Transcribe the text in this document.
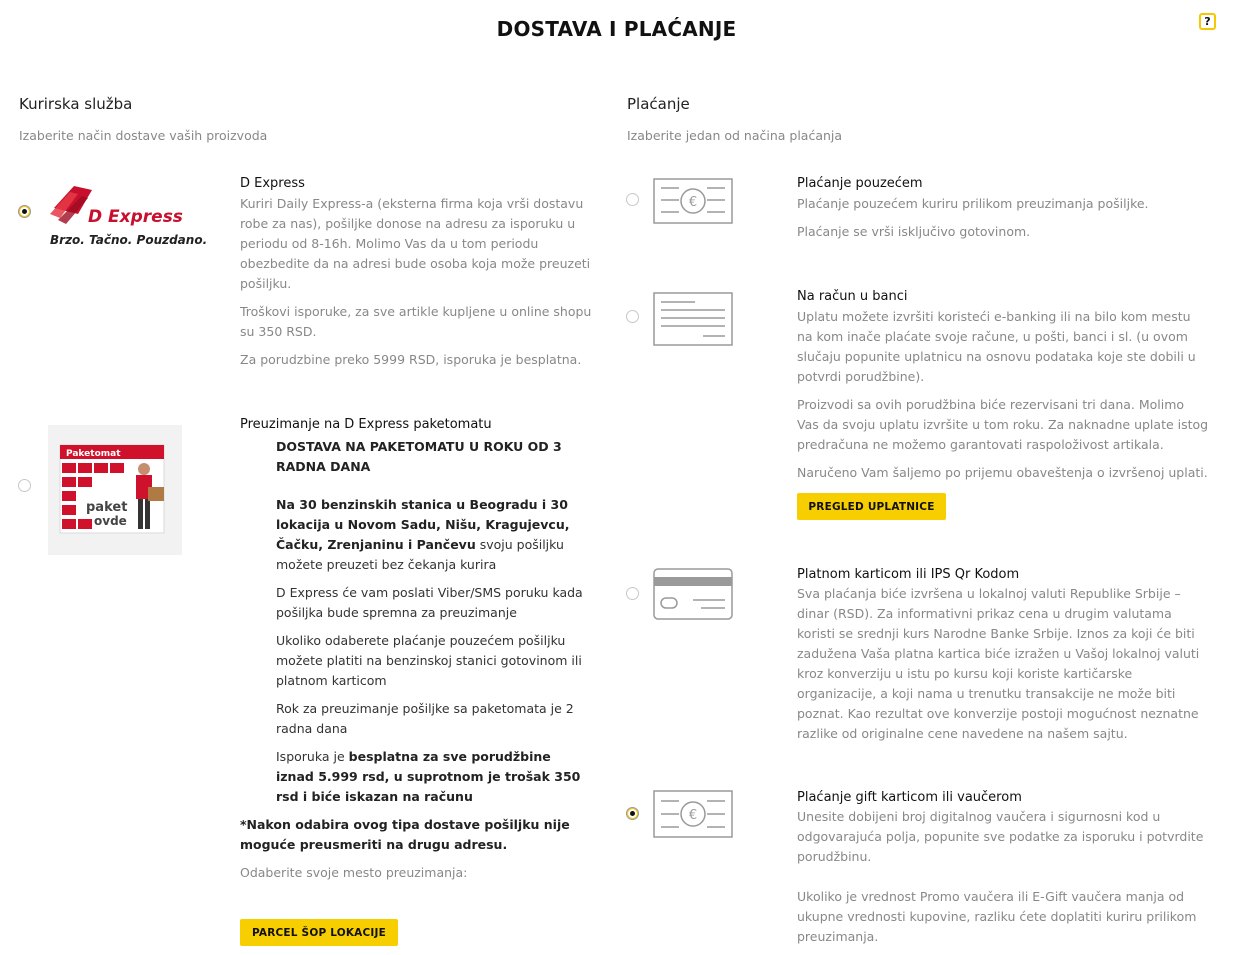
DOSTAVA I PLAĆANJE	?
Kurirska služba
Izaberite način dostave vaših proizvoda
D Express
Brzo. Tačno. Pouzdano.
D Express

Kuriri Daily Express-a (eksterna firma koja vrši dostavu robe za nas), pošiljke donose na adresu za isporuku u periodu od 8-16h. Molimo Vas da u tom periodu obezbedite da na adresi bude osoba koja može preuzeti pošiljku.

Troškovi isporuke, za sve artikle kupljene u online shopu su 350 RSD.

Za porudzbine preko 5999 RSD, isporuka je besplatna.

Paketomat
paket
ovde
Preuzimanje na D Express paketomatu

DOSTAVA NA PAKETOMATU U ROKU OD 3 RADNA DANA

Na 30 benzinskih stanica u Beogradu i 30 lokacija u Novom Sadu, Nišu, Kragujevcu, Čačku, Zrenjaninu i Pančevu svoju pošiljku možete preuzeti bez čekanja kurira

D Express će vam poslati Viber/SMS poruku kada pošiljka bude spremna za preuzimanje

Ukoliko odaberete plaćanje pouzećem pošiljku možete platiti na benzinskoj stanici gotovinom ili platnom karticom

Rok za preuzimanje pošiljke sa paketomata je 2 radna dana

Isporuka je besplatna za sve porudžbine iznad 5.999 rsd, u suprotnom je trošak 350 rsd i biće iskazan na računu

*Nakon odabira ovog tipa dostave pošiljku nije moguće preusmeriti na drugu adresu.
Odaberite svoje mesto preuzimanja:
PARCEL ŠOP LOKACIJE
Plaćanje
Izaberite jedan od načina plaćanja
€
Plaćanje pouzećem

Plaćanje pouzećem kuriru prilikom preuzimanja pošiljke.

Plaćanje se vrši isključivo gotovinom.

Na račun u banci

Uplatu možete izvršiti koristeći e-banking ili na bilo kom mestu na kom inače plaćate svoje račune, u pošti, banci i sl. (u ovom slučaju popunite uplatnicu na osnovu podataka koje ste dobili u potvrdi porudžbine).

Proizvodi sa ovih porudžbina biće rezervisani tri dana. Molimo Vas da svoju uplatu izvršite u tom roku. Za naknadne uplate istog predračuna ne možemo garantovati raspoloživost artikala.

Naručeno Vam šaljemo po prijemu obaveštenja o izvršenoj uplati.

PREGLED UPLATNICE
Platnom karticom ili IPS Qr Kodom

Sva plaćanja biće izvršena u lokalnoj valuti Republike Srbije – dinar (RSD). Za informativni prikaz cena u drugim valutama koristi se srednji kurs Narodne Banke Srbije. Iznos za koji će biti zadužena Vaša platna kartica biće izražen u Vašoj lokalnoj valuti kroz konverziju u istu po kursu koji koriste kartičarske organizacije, a koji nama u trenutku transakcije ne može biti poznat. Kao rezultat ove konverzije postoji mogućnost neznatne razlike od originalne cene navedene na našem sajtu.

€
Plaćanje gift karticom ili vaučerom

Unesite dobijeni broj digitalnog vaučera i sigurnosni kod u odgovarajuća polja, popunite sve podatke za isporuku i potvrdite porudžbinu.

Ukoliko je vrednost Promo vaučera ili E-Gift vaučera manja od ukupne vrednosti kupovine, razliku ćete doplatiti kuriru prilikom preuzimanja.
